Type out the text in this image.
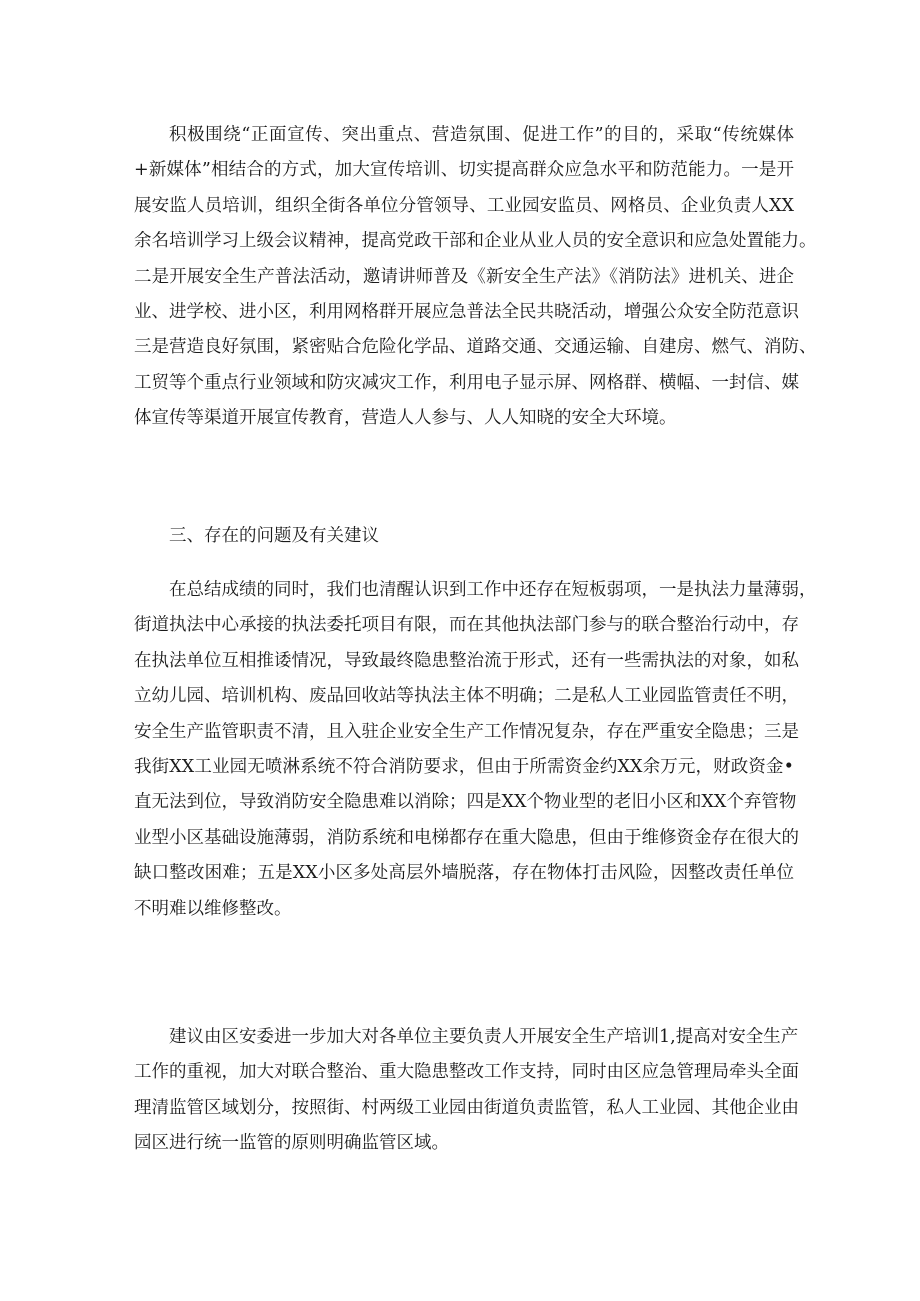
积极围绕“正面宣传、突出重点、营造氛围、促进工作”的目的，采取“传统媒体
+新媒体”相结合的方式，加大宣传培训、切实提高群众应急水平和防范能力。一是开
展安监人员培训，组织全街各单位分管领导、工业园安监员、网格员、企业负责人XX
余名培训学习上级会议精神，提高党政干部和企业从业人员的安全意识和应急处置能力。
二是开展安全生产普法活动，邀请讲师普及《新安全生产法》《消防法》进机关、进企
业、进学校、进小区，利用网格群开展应急普法全民共晓活动，增强公众安全防范意识
三是营造良好氛围，紧密贴合危险化学品、道路交通、交通运输、自建房、燃气、消防、
工贸等个重点行业领域和防灾减灾工作，利用电子显示屏、网格群、横幅、一封信、媒
体宣传等渠道开展宣传教育，营造人人参与、人人知晓的安全大环境。
三、存在的问题及有关建议
在总结成绩的同时，我们也清醒认识到工作中还存在短板弱项，一是执法力量薄弱，
街道执法中心承接的执法委托项目有限，而在其他执法部门参与的联合整治行动中，存
在执法单位互相推诿情况，导致最终隐患整治流于形式，还有一些需执法的对象，如私
立幼儿园、培训机构、废品回收站等执法主体不明确；二是私人工业园监管责任不明，
安全生产监管职责不清，且入驻企业安全生产工作情况复杂，存在严重安全隐患；三是
我街XX工业园无喷淋系统不符合消防要求，但由于所需资金约XX余万元，财政资金•
直无法到位，导致消防安全隐患难以消除；四是XX个物业型的老旧小区和XX个弃管物
业型小区基础设施薄弱，消防系统和电梯都存在重大隐患，但由于维修资金存在很大的
缺口整改困难；五是XX小区多处高层外墙脱落，存在物体打击风险，因整改责任单位
不明难以维修整改。
建议由区安委进一步加大对各单位主要负责人开展安全生产培训1,提高对安全生产
工作的重视，加大对联合整治、重大隐患整改工作支持，同时由区应急管理局牵头全面
理清监管区域划分，按照街、村两级工业园由街道负责监管，私人工业园、其他企业由
园区进行统一监管的原则明确监管区域。
